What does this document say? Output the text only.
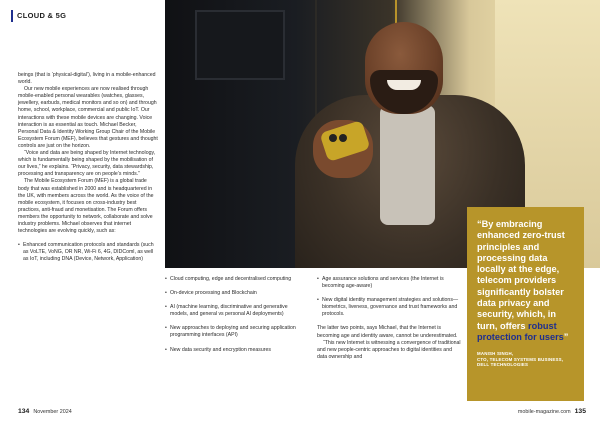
CLOUD & 5G

beings (that is ‘physical-digital’), living in a mobile-enhanced world.

Our new mobile experiences are now realised through mobile-enabled personal wearables (watches, glasses, jewellery, earbuds, medical monitors and so on) and through home, school, workplace, commercial and public IoT. Our interactions with these mobile devices are changing. Voice interaction is as essential as touch. Michael Becker, Personal Data & Identity Working Group Chair of the Mobile Ecosystem Forum (MEF), believes that gestures and thought controls are just on the horizon.

“Voice and data are being shaped by Internet technology, which is fundamentally being shaped by the mobilisation of our lives,” he explains. “Privacy, security, data stewardship, processing and transparency are on people’s minds.”

The Mobile Ecosystem Forum (MEF) is a global trade body that was established in 2000 and is headquartered in the UK, with members across the world. As the voice of the mobile ecosystem, it focuses on cross-industry best practices, anti-fraud and monetisation. The Forum offers members the opportunity to network, collaborate and solve industry problems. Michael observes that internet technologies are evolving quickly, such as:

• Enhanced communication protocols and standards (such as VoLTE, VoNG, OR NR, Wi-Fi 6, 4G, DIDComl, as well as IoT, including DNA (Device, Network, Application)
• Cloud computing, edge and decentralised computing
• On-device processing and Blockchain
• AI (machine learning, discriminative and generative models, and general vs personal AI deployments)
• New approaches to deploying and securing application programming interfaces (API)
• New data security and encryption measures
• Age assurance solutions and services (the Internet is becoming age-aware)
• New digital identity management strategies and solutions—biometrics, liveness, governance and trust frameworks and protocols.

The latter two points, says Michael, that the Internet is becoming age and identity aware, cannot be underestimated.

“This new Internet is witnessing a convergence of traditional and new people-centric approaches to digital identities and data ownership and

“By embracing enhanced zero-trust principles and processing data locally at the edge, telecom providers significantly bolster data privacy and security, which, in turn, offers robust protection for users”
MANISH SINGH,
CTO, TELECOM SYSTEMS BUSINESS, DELL TECHNOLOGIES
134 November 2024	mobile-magazine.com 135
